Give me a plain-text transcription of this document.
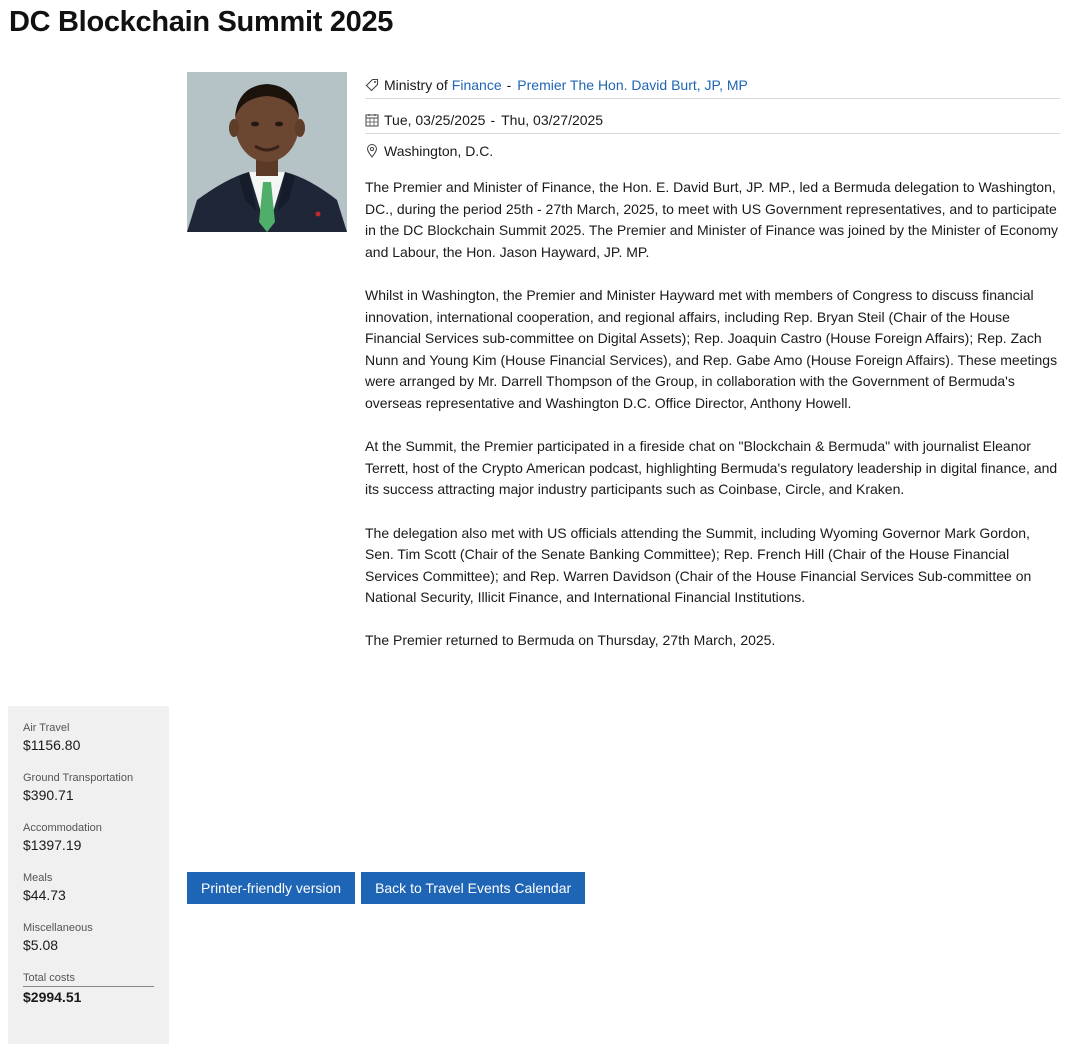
DC Blockchain Summit 2025
Ministry of Finance - Premier The Hon. David Burt, JP, MP
Tue, 03/25/2025 - Thu, 03/27/2025
Washington, D.C.

The Premier and Minister of Finance, the Hon. E. David Burt, JP. MP., led a Bermuda delegation to Washington, DC., during the period 25th - 27th March, 2025, to meet with US Government representatives, and to participate in the DC Blockchain Summit 2025. The Premier and Minister of Finance was joined by the Minister of Economy and Labour, the Hon. Jason Hayward, JP. MP.

Whilst in Washington, the Premier and Minister Hayward met with members of Congress to discuss financial innovation, international cooperation, and regional affairs, including Rep. Bryan Steil (Chair of the House Financial Services sub-committee on Digital Assets); Rep. Joaquin Castro (House Foreign Affairs); Rep. Zach Nunn and Young Kim (House Financial Services), and Rep. Gabe Amo (House Foreign Affairs). These meetings were arranged by Mr. Darrell Thompson of the Group, in collaboration with the Government of Bermuda's overseas representative and Washington D.C. Office Director, Anthony Howell.

At the Summit, the Premier participated in a fireside chat on "Blockchain & Bermuda" with journalist Eleanor Terrett, host of the Crypto American podcast, highlighting Bermuda's regulatory leadership in digital finance, and its success attracting major industry participants such as Coinbase, Circle, and Kraken.

The delegation also met with US officials attending the Summit, including Wyoming Governor Mark Gordon, Sen. Tim Scott (Chair of the Senate Banking Committee); Rep. French Hill (Chair of the House Financial Services Committee); and Rep. Warren Davidson (Chair of the House Financial Services Sub-committee on National Security, Illicit Finance, and International Financial Institutions.

The Premier returned to Bermuda on Thursday, 27th March, 2025.

Air Travel
$1156.80
Ground Transportation
$390.71
Accommodation
$1397.19
Meals
$44.73
Miscellaneous
$5.08
Total costs
$2994.51
Printer-friendly version	Back to Travel Events Calendar
